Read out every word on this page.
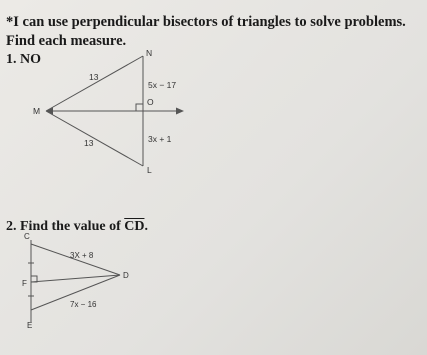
*I can use perpendicular bisectors of triangles to solve problems.
Find each measure.
1. NO
2. Find the value of $\overline{CD}$.
N
M
O
L
13
13
5x − 17
3x + 1
C
F
D
E
3X + 8
7x − 16
